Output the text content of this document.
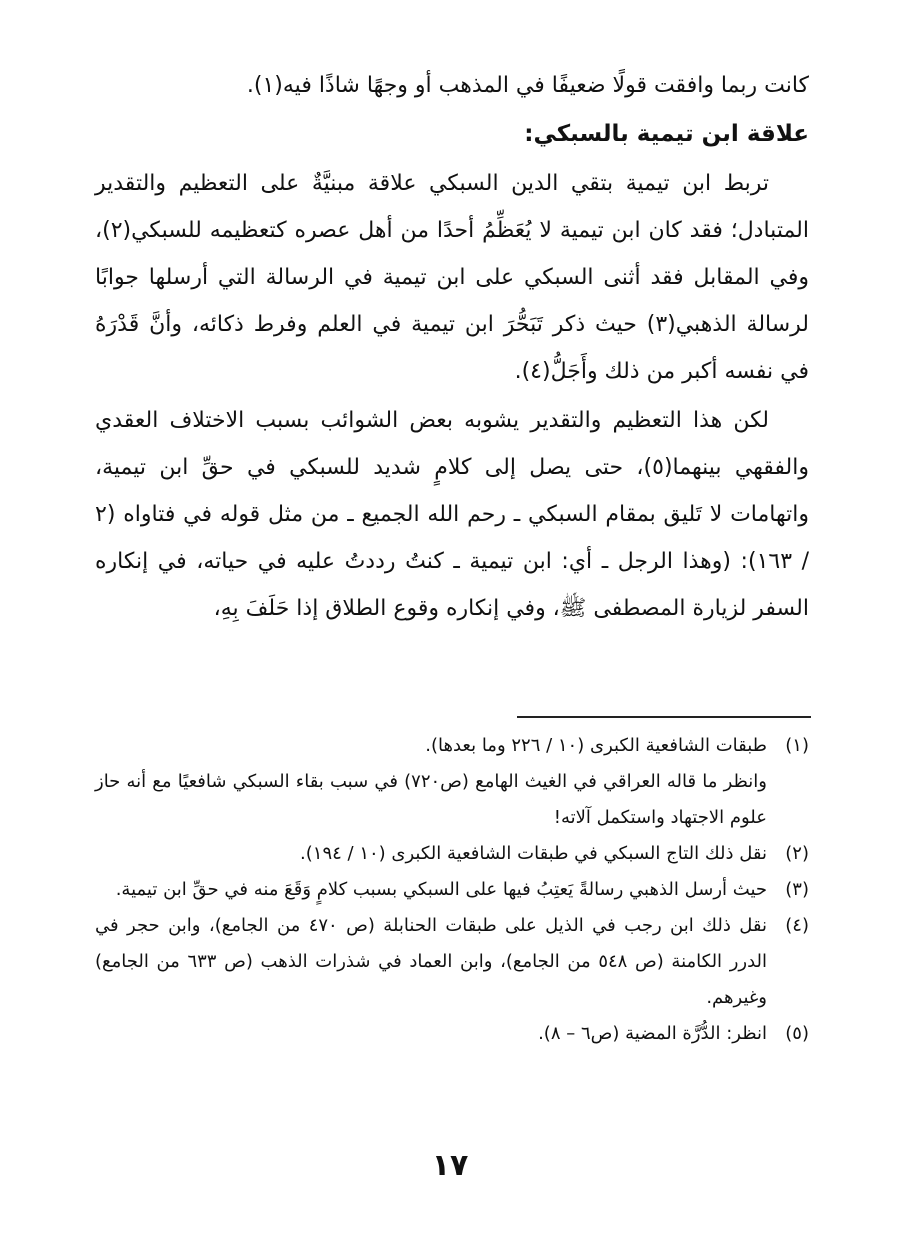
كانت ربما وافقت قولًا ضعيفًا في المذهب أو وجهًا شاذًا فيه(١).

علاقة ابن تيمية بالسبكي:

تربط ابن تيمية بتقي الدين السبكي علاقة مبنيَّةٌ على التعظيم والتقدير المتبادل؛ فقد كان ابن تيمية لا يُعَظِّمُ أحدًا من أهل عصره كتعظيمه للسبكي(٢)، وفي المقابل فقد أثنى السبكي على ابن تيمية في الرسالة التي أرسلها جوابًا لرسالة الذهبي(٣) حيث ذكر تَبَحُّرَ ابن تيمية في العلم وفرط ذكائه، وأنَّ قَدْرَهُ في نفسه أكبر من ذلك وأَجَلُّ(٤).

لكن هذا التعظيم والتقدير يشوبه بعض الشوائب بسبب الاختلاف العقدي والفقهي بينهما(٥)، حتى يصل إلى كلامٍ شديد للسبكي في حقِّ ابن تيمية، واتهامات لا تَليق بمقام السبكي ـ رحم الله الجميع ـ من مثل قوله في فتاواه (٢ / ١٦٣): (وهذا الرجل ـ أي: ابن تيمية ـ كنتُ رددتُ عليه في حياته، في إنكاره السفر لزيارة المصطفى ﷺ، وفي إنكاره وقوع الطلاق إذا حَلَفَ بِهِ،

(١)
طبقات الشافعية الكبرى (١٠ / ٢٢٦ وما بعدها).
وانظر ما قاله العراقي في الغيث الهامع (ص٧٢٠) في سبب بقاء السبكي شافعيًا مع أنه حاز علوم الاجتهاد واستكمل آلاته!
(٢)
نقل ذلك التاج السبكي في طبقات الشافعية الكبرى (١٠ / ١٩٤).
(٣)
حيث أرسل الذهبي رسالةً يَعتِبُ فيها على السبكي بسبب كلامٍ وَقَعَ منه في حقِّ ابن تيمية.
(٤)
نقل ذلك ابن رجب في الذيل على طبقات الحنابلة (ص ٤٧٠ من الجامع)، وابن حجر في الدرر الكامنة (ص ٥٤٨ من الجامع)، وابن العماد في شذرات الذهب (ص ٦٣٣ من الجامع) وغيرهم.
(٥)
انظر: الدُّرَّة المضية (ص٦ – ٨).
١٧
